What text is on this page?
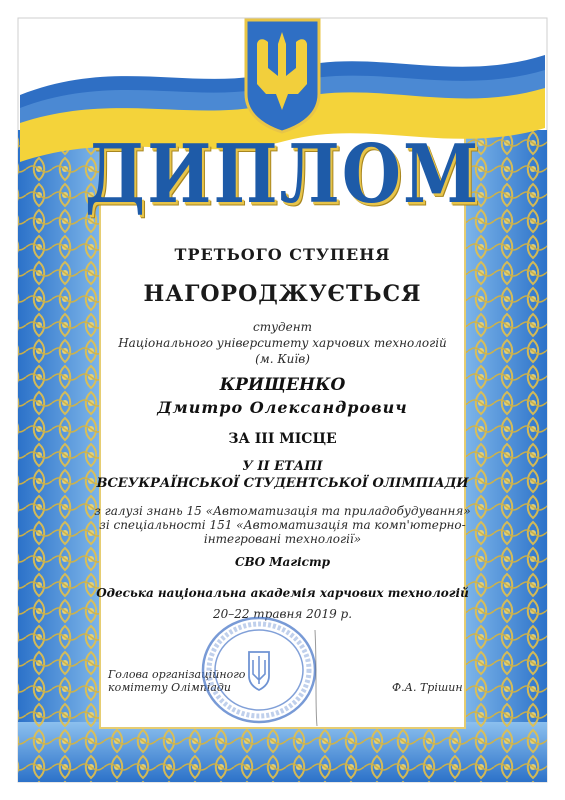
ДИПЛОМ
ТРЕТЬОГО СТУПЕНЯ
НАГОРОДЖУЄТЬСЯ
студент
Національного університету харчових технологій
(м. Київ)
КРИЩЕНКО
Дмитро Олександрович
ЗА ІІІ МІСЦЕ
У ІІ ЕТАПІ
ВСЕУКРАЇНСЬКОЇ СТУДЕНТСЬКОЇ ОЛІМПІАДИ
з галузі знань 15 «Автоматизація та приладобудування»
зі спеціальності 151 «Автоматизація та комп'ютерно-
інтегровані технології»
СВО Магістр
Одеська національна академія харчових технологій
20–22 травня 2019 р.
Голова організаційного
комітету Олімпіади	Ф.А. Трішин
